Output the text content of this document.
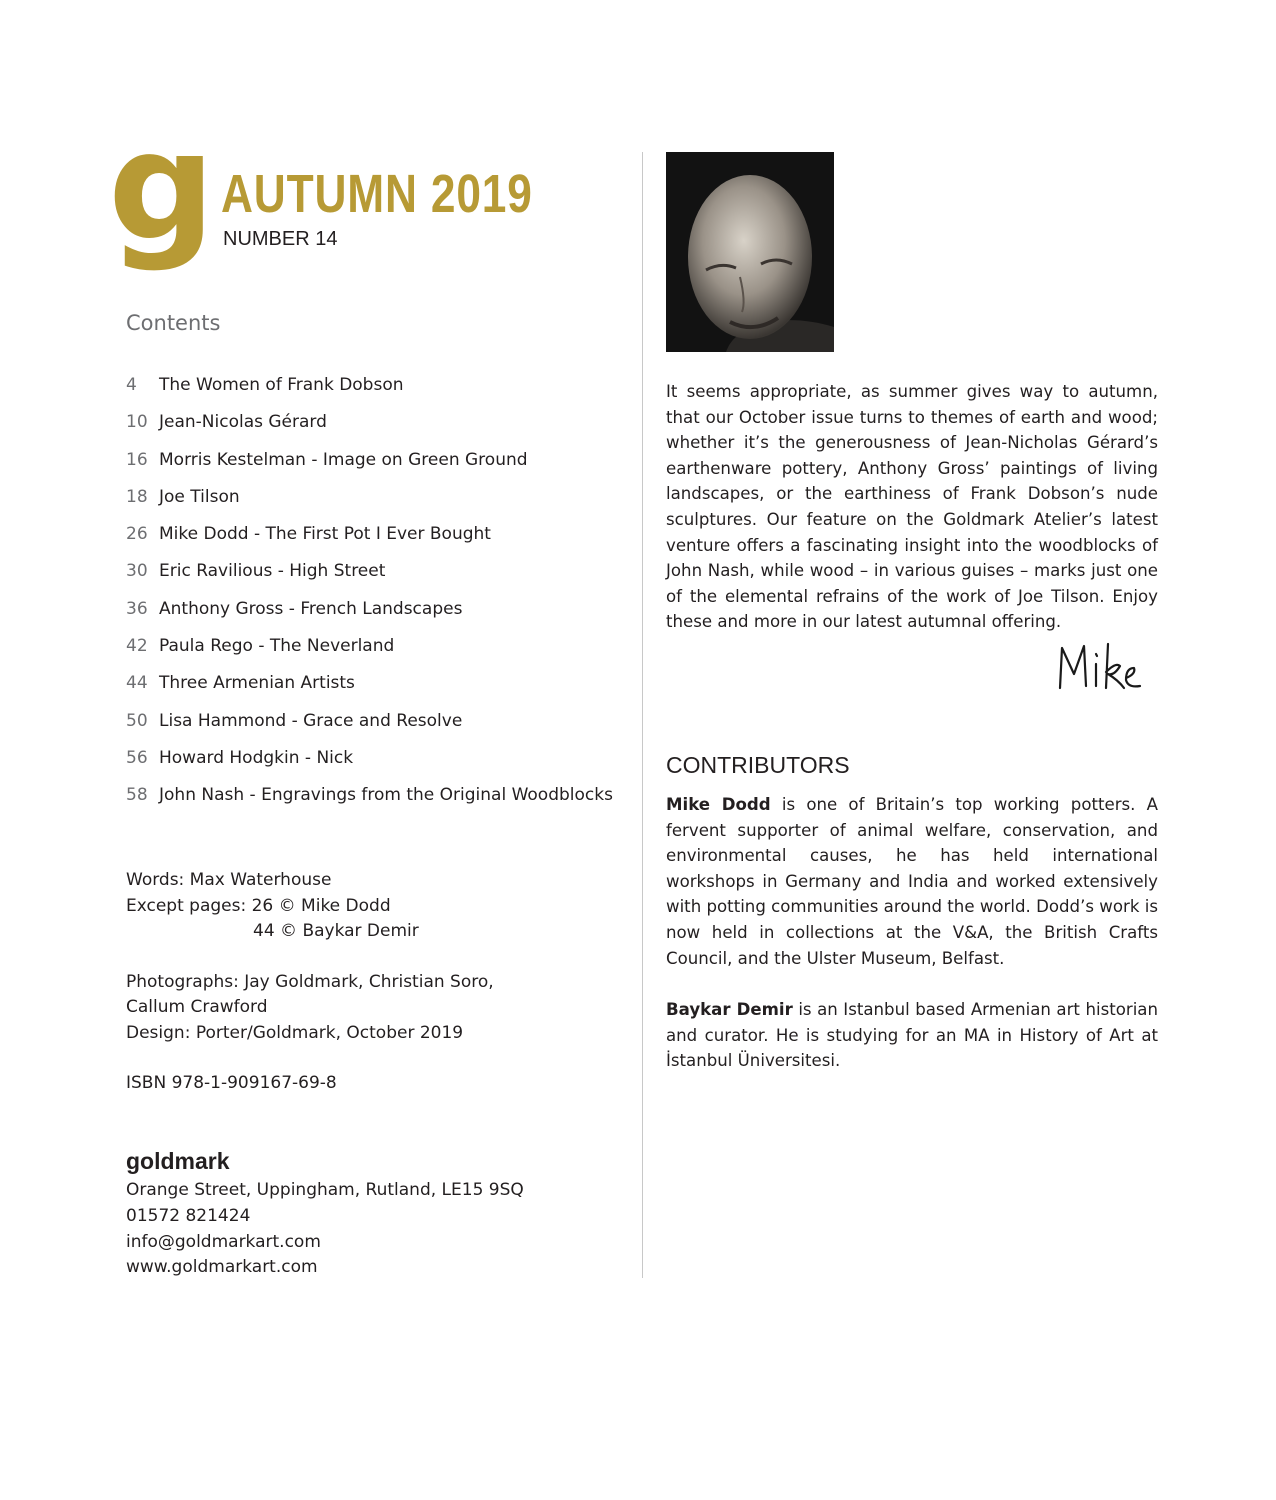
g AUTUMN 2019
NUMBER 14
Contents
4	The Women of Frank Dobson
10 Jean-Nicolas Gérard
16 Morris Kestelman - Image on Green Ground
18 Joe Tilson
26 Mike Dodd - The First Pot I Ever Bought
30 Eric Ravilious - High Street
36 Anthony Gross - French Landscapes
42 Paula Rego - The Neverland
44 Three Armenian Artists
50 Lisa Hammond - Grace and Resolve
56 Howard Hodgkin - Nick
58 John Nash - Engravings from the Original Woodblocks
Words: Max Waterhouse
Except pages: 26 © Mike Dodd
44 © Baykar Demir
Photographs: Jay Goldmark, Christian Soro,
Callum Crawford
Design: Porter/Goldmark, October 2019
ISBN 978-1-909167-69-8
goldmark
Orange Street, Uppingham, Rutland, LE15 9SQ
01572 821424
info@goldmarkart.com
www.goldmarkart.com

It seems appropriate, as summer gives way to autumn, that our October issue turns to themes of earth and wood; whether it’s the generousness of Jean-Nicholas Gérard’s earthenware pottery, Anthony Gross’ paintings of living landscapes, or the earthiness of Frank Dobson’s nude sculptures. Our feature on the Goldmark Atelier’s latest venture offers a fascinating insight into the woodblocks of John Nash, while wood – in various guises – marks just one of the elemental refrains of the work of Joe Tilson. Enjoy these and more in our latest autumnal offering.

CONTRIBUTORS

Mike Dodd is one of Britain’s top working potters. A fervent supporter of animal welfare, conservation, and environmental causes, he has held international workshops in Germany and India and worked extensively with potting communities around the world. Dodd’s work is now held in collections at the V&A, the British Crafts Council, and the Ulster Museum, Belfast.

Baykar Demir is an Istanbul based Armenian art historian and curator. He is studying for an MA in History of Art at İstanbul Üniversitesi.
